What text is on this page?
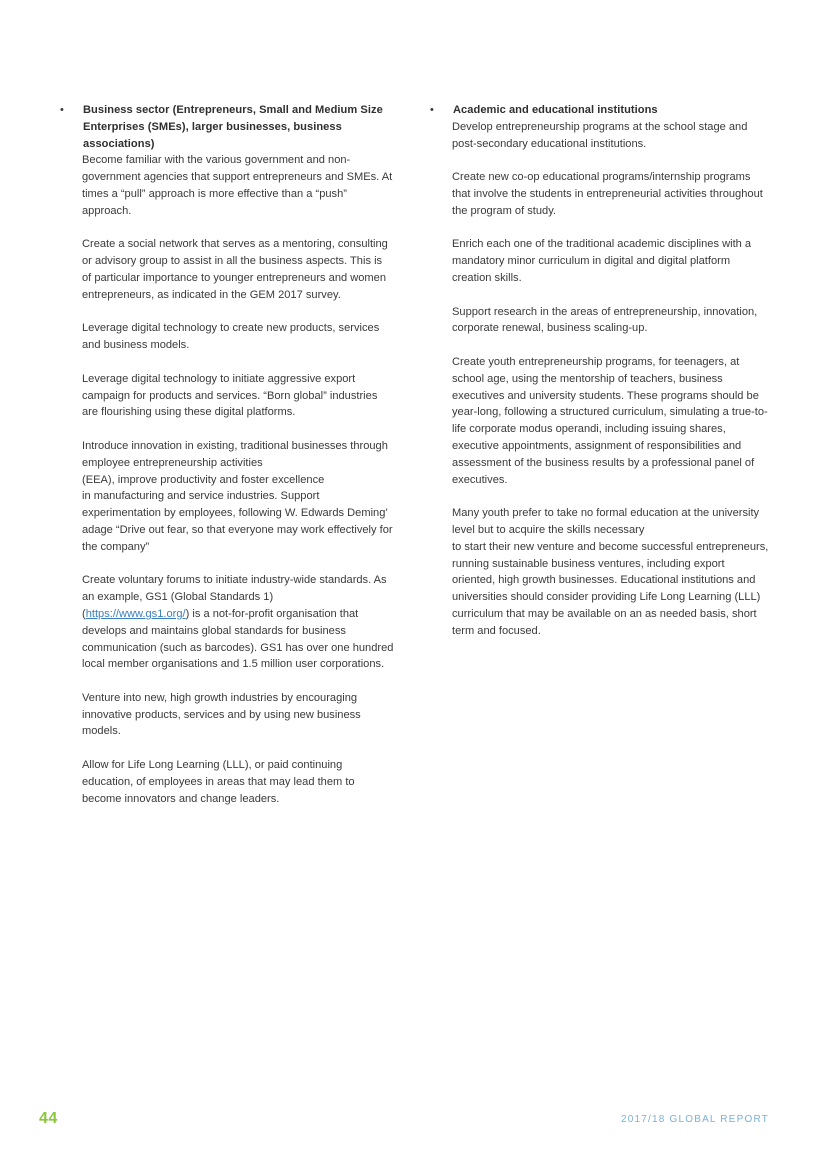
• Business sector (Entrepreneurs, Small and Medium Size Enterprises (SMEs), larger businesses, business associations)

Become familiar with the various government and non-government agencies that support entrepreneurs and SMEs. At times a “pull” approach is more effective than a “push” approach.

Create a social network that serves as a mentoring, consulting or advisory group to assist in all the business aspects. This is of particular importance to younger entrepreneurs and women entrepreneurs, as indicated in the GEM 2017 survey.

Leverage digital technology to create new products, services and business models.

Leverage digital technology to initiate aggressive export campaign for products and services. “Born global” industries are flourishing using these digital platforms.

Introduce innovation in existing, traditional businesses through employee entrepreneurship activities
(EEA), improve productivity and foster excellence
in manufacturing and service industries. Support experimentation by employees, following W. Edwards Deming’ adage “Drive out fear, so that everyone may work effectively for the company”

Create voluntary forums to initiate industry-wide standards. As an example, GS1 (Global Standards 1)
(https://www.gs1.org/) is a not-for-profit organisation that develops and maintains global standards for business communication (such as barcodes). GS1 has over one hundred local member organisations and 1.5 million user corporations.

Venture into new, high growth industries by encouraging innovative products, services and by using new business models.

Allow for Life Long Learning (LLL), or paid continuing education, of employees in areas that may lead them to become innovators and change leaders.

• Academic and educational institutions

Develop entrepreneurship programs at the school stage and post-secondary educational institutions.

Create new co-op educational programs/internship programs that involve the students in entrepreneurial activities throughout the program of study.

Enrich each one of the traditional academic disciplines with a mandatory minor curriculum in digital and digital platform creation skills.

Support research in the areas of entrepreneurship, innovation, corporate renewal, business scaling-up.

Create youth entrepreneurship programs, for teenagers, at school age, using the mentorship of teachers, business executives and university students. These programs should be year-long, following a structured curriculum, simulating a true-to-life corporate modus operandi, including issuing shares, executive appointments, assignment of responsibilities and assessment of the business results by a professional panel of executives.

Many youth prefer to take no formal education at the university level but to acquire the skills necessary
to start their new venture and become successful entrepreneurs, running sustainable business ventures, including export oriented, high growth businesses. Educational institutions and universities should consider providing Life Long Learning (LLL) curriculum that may be available on an as needed basis, short term and focused.

44	2017/18 GLOBAL REPORT
